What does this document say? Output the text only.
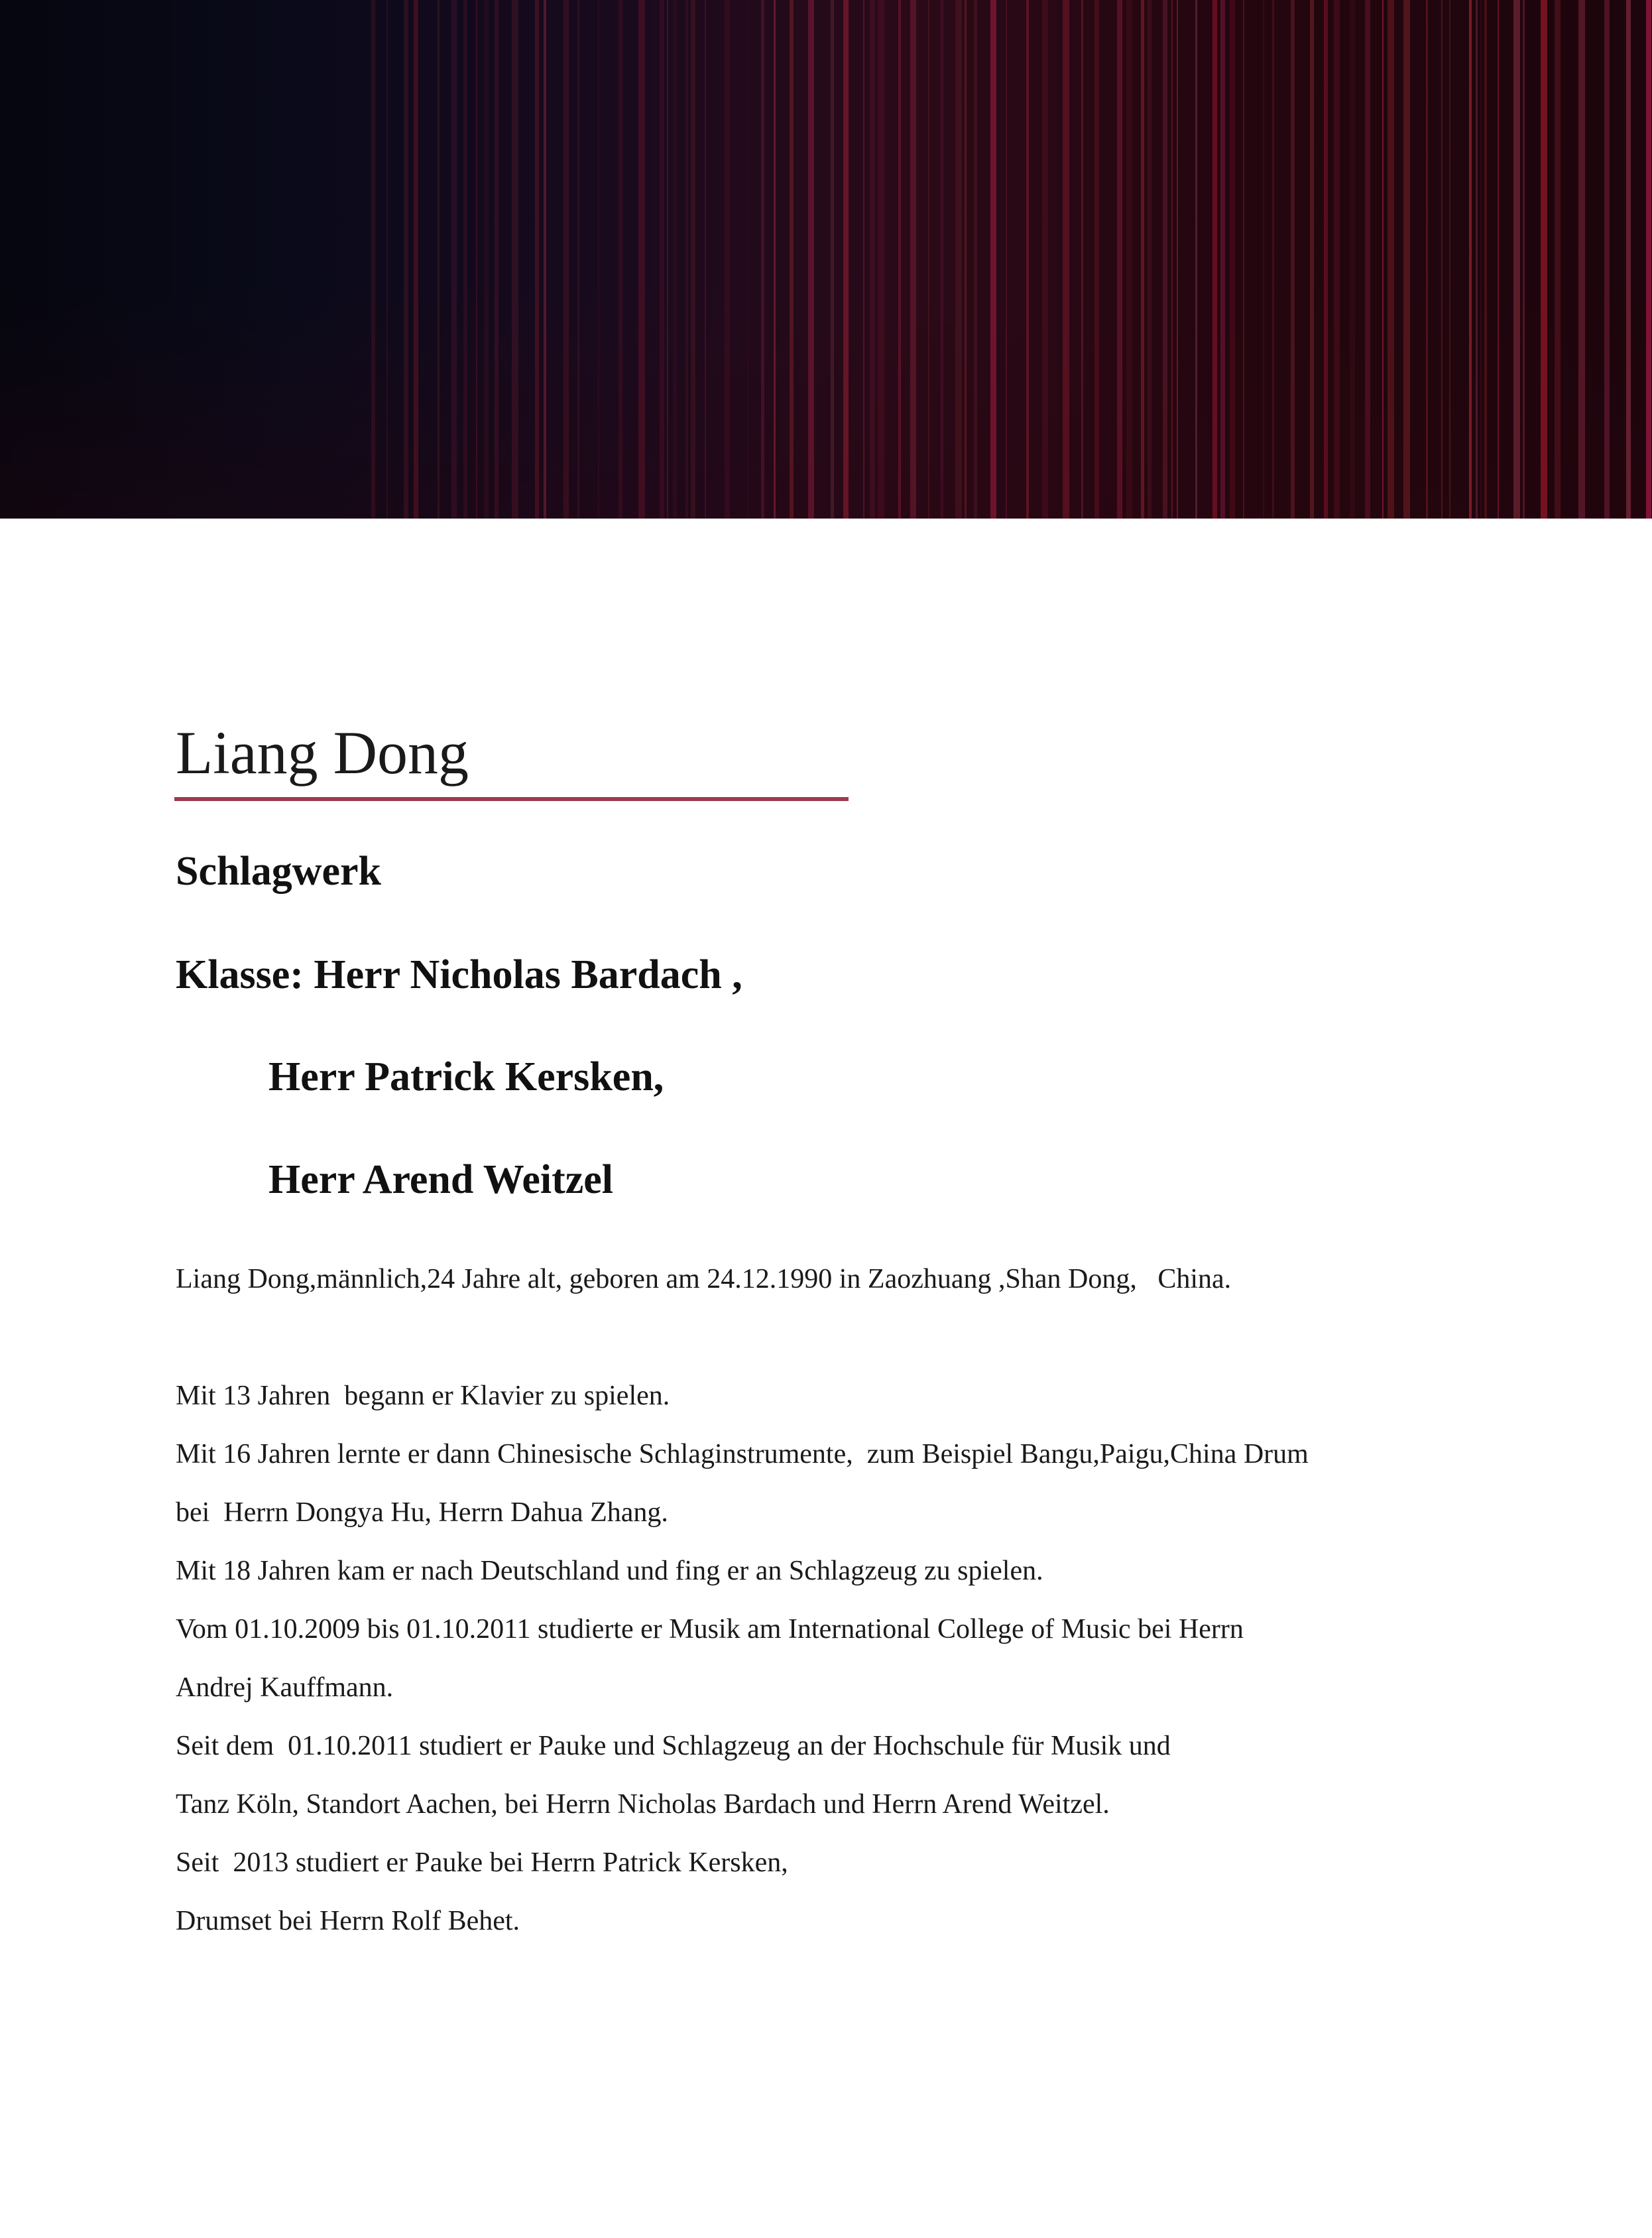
Liang Dong
Schlagwerk
Klasse: Herr Nicholas Bardach ,
Herr Patrick Kersken,
Herr Arend Weitzel
Liang Dong,männlich,24 Jahre alt, geboren am 24.12.1990 in Zaozhuang ,Shan Dong,   China.
Mit 13 Jahren  begann er Klavier zu spielen.
Mit 16 Jahren lernte er dann Chinesische Schlaginstrumente,  zum Beispiel Bangu,Paigu,China Drum
bei  Herrn Dongya Hu, Herrn Dahua Zhang.
Mit 18 Jahren kam er nach Deutschland und fing er an Schlagzeug zu spielen.
Vom 01.10.2009 bis 01.10.2011 studierte er Musik am International College of Music bei Herrn
Andrej Kauffmann.
Seit dem  01.10.2011 studiert er Pauke und Schlagzeug an der Hochschule für Musik und
Tanz Köln, Standort Aachen, bei Herrn Nicholas Bardach und Herrn Arend Weitzel.
Seit  2013 studiert er Pauke bei Herrn Patrick Kersken,
Drumset bei Herrn Rolf Behet.
